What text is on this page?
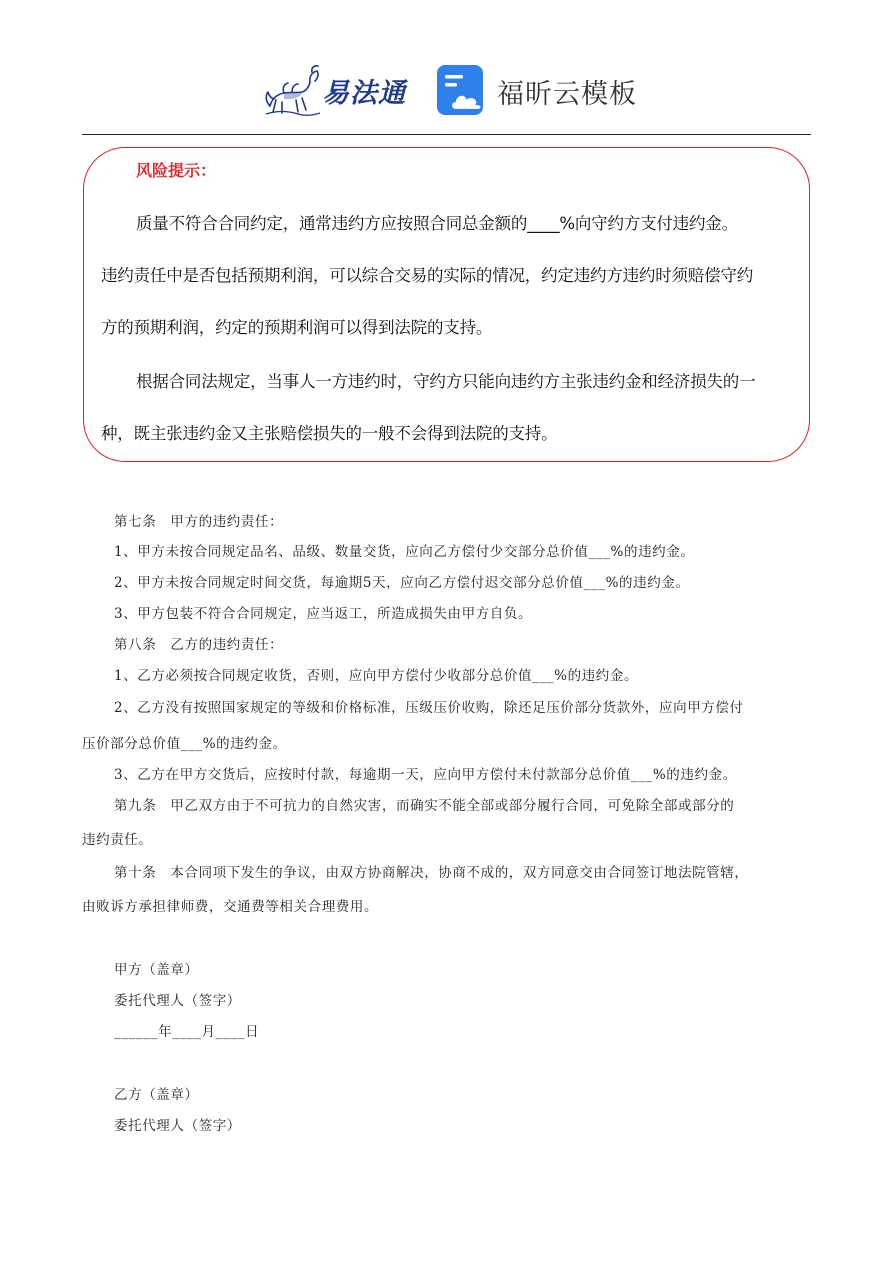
易法通	福昕云模板
风险提示：
质量不符合合同约定，通常违约方应按照合同总金额的____%向守约方支付违约金。
违约责任中是否包括预期利润，可以综合交易的实际的情况，约定违约方违约时须赔偿守约
方的预期利润，约定的预期利润可以得到法院的支持。
根据合同法规定，当事人一方违约时，守约方只能向违约方主张违约金和经济损失的一
种，既主张违约金又主张赔偿损失的一般不会得到法院的支持。
第七条　甲方的违约责任：
1、甲方未按合同规定品名、品级、数量交货，应向乙方偿付少交部分总价值___%的违约金。
2、甲方未按合同规定时间交货，每逾期5天，应向乙方偿付迟交部分总价值___%的违约金。
3、甲方包装不符合合同规定，应当返工，所造成损失由甲方自负。
第八条　乙方的违约责任：
1、乙方必须按合同规定收货，否则，应向甲方偿付少收部分总价值___%的违约金。
2、乙方没有按照国家规定的等级和价格标准，压级压价收购，除还足压价部分货款外，应向甲方偿付
压价部分总价值___%的违约金。
3、乙方在甲方交货后，应按时付款，每逾期一天，应向甲方偿付未付款部分总价值___%的违约金。
第九条　甲乙双方由于不可抗力的自然灾害，而确实不能全部或部分履行合同，可免除全部或部分的
违约责任。
第十条　本合同项下发生的争议，由双方协商解决，协商不成的，双方同意交由合同签订地法院管辖，
由败诉方承担律师费，交通费等相关合理费用。
甲方（盖章）
委托代理人（签字）
______年____月____日
乙方（盖章）
委托代理人（签字）
